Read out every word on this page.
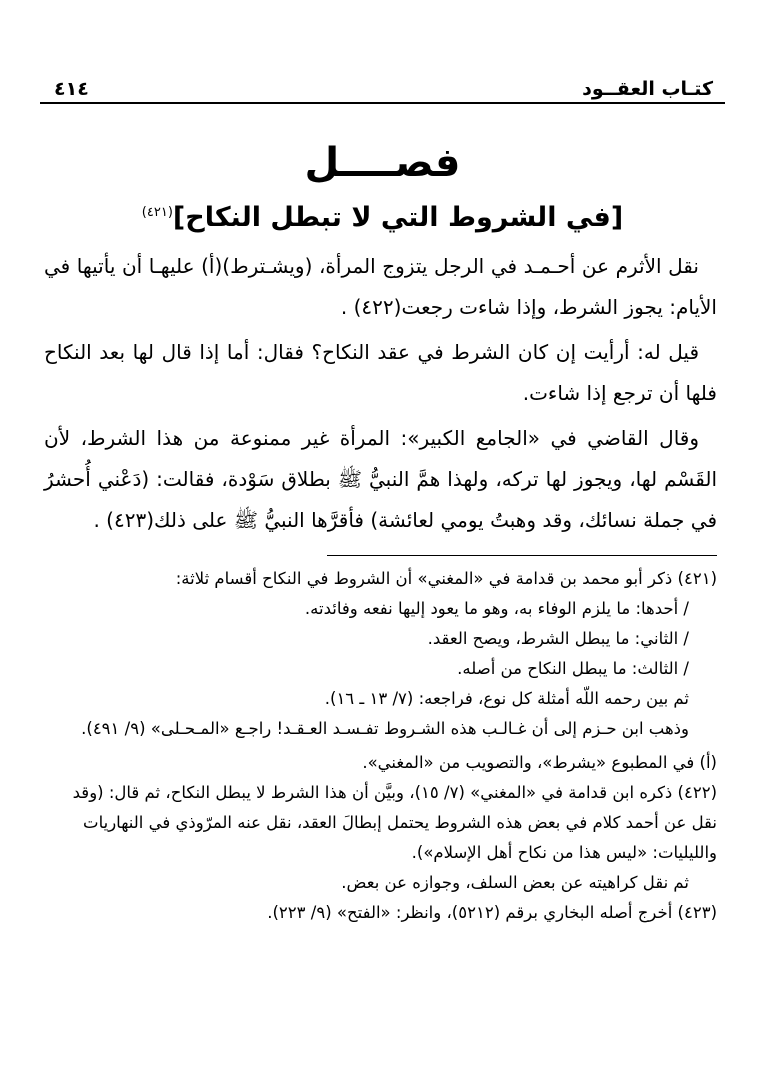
كتـاب العقــود
٤١٤
فصــــل
[في الشروط التي لا تبطل النكاح]$^{(٤٢١)}$

نقل الأثرم عن أحـمـد في الرجل يتزوج المرأة، (ويشـترط)(أ) عليهـا أن يأتيها في الأيام: يجوز الشرط، وإذا شاءت رجعت(٤٢٢) .

قيل له: أرأيت إن كان الشرط في عقد النكاح؟ فقال: أما إذا قال لها بعد النكاح فلها أن ترجع إذا شاءت.

وقال القاضي في «الجامع الكبير»: المرأة غير ممنوعة من هذا الشرط، لأن القَسْم لها، ويجوز لها تركه، ولهذا همَّ النبيُّ ﷺ بطلاق سَوْدة، فقالت: (دَعْني أُحشرُ في جملة نسائك، وقد وهبتُ يومي لعائشة) فأقرَّها النبيُّ ﷺ على ذلك(٤٢٣) .

(٤٢١) ذكر أبو محمد بن قدامة في «المغني» أن الشروط في النكاح أقسام ثلاثة:

/ أحدها: ما يلزم الوفاء به، وهو ما يعود إليها نفعه وفائدته.

/ الثاني: ما يبطل الشرط، ويصح العقد.

/ الثالث: ما يبطل النكاح من أصله.

ثم بين رحمه اللّه أمثلة كل نوع، فراجعه: (٧/ ١٣ ـ ١٦).

وذهب ابن حـزم إلى أن غـالـب هذه الشـروط تفـسـد العـقـد! راجـع «المـحـلى» (٩/ ٤٩١).

(أ) في المطبوع «يشرط»، والتصويب من «المغني».

(٤٢٢) ذكره ابن قدامة في «المغني» (٧/ ١٥)، وبيَّن أن هذا الشرط لا يبطل النكاح، ثم قال: (وقد نقل عن أحمد كلام في بعض هذه الشروط يحتمل إبطالَ العقد، نقل عنه المرّوذي في النهاريات والليليات: «ليس هذا من نكاح أهل الإسلام»).

ثم نقل كراهيته عن بعض السلف، وجوازه عن بعض.

(٤٢٣) أخرج أصله البخاري برقم (٥٢١٢)، وانظر: «الفتح» (٩/ ٢٢٣).
